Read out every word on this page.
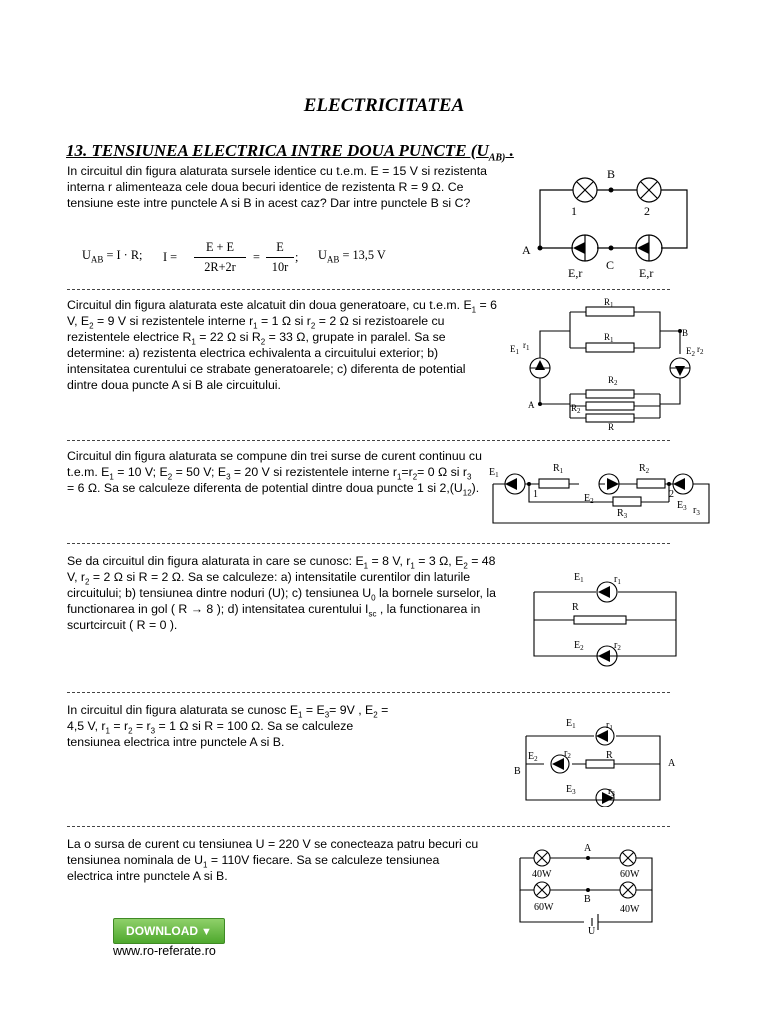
ELECTRICITATEA
13. TENSIUNEA ELECTRICA INTRE DOUA PUNCTE ($U_{AB)}$ .
In circuitul din figura alaturata sursele identice cu t.e.m. E = 15 V si rezistenta interna r alimenteaza cele doua becuri identice de rezistenta R = 9 Ω. Ce tensiune este intre punctele A si B in acest caz? Dar intre punctele B si C?
$U_{AB} = I \cdot R$; I =
E + E
2R+2r
=
E
10r
; $U_{AB} = 13,5$ V
B
A
C
1	2
E,r	E,r
Circuitul din figura alaturata este alcatuit din doua generatoare, cu t.e.m. $E_1 = 6$ V, $E_2 = 9$ V si rezistentele interne $r_1 = 1$ Ω si $r_2 = 2$ Ω si rezistoarele cu rezistentele electrice $R_1 = 22$ Ω si $R_2 = 33$ Ω, grupate in paralel. Sa se determine: a) rezistenta electrica echivalenta a circuitului exterior; b) intensitatea curentului ce strabate generatoarele; c) diferenta de potential dintre doua puncte A si B ale circuitului.
$E_1$
$r_1$	$E_2$ $r_2$
$R_1$
$R_1$
$R_2$
$R_2$
R
A
B
Circuitul din figura alaturata se compune din trei surse de curent continuu cu t.e.m. $E_1 = 10$ V; $E_2 = 50$ V; $E_3 = 20$ V si rezistentele interne $r_1=r_2= 0$ Ω si $r_3 = 6$ Ω. Sa se calculeze diferenta de potential dintre doua puncte 1 si $2,(U_{12})$.
$E_1$
$R_1$	$R_2$
1	2
$E_2$
$R_3$
$E_3$ $r_3$
Se da circuitul din figura alaturata in care se cunosc: $E_1 = 8$ V, $r_1 = 3$ Ω, $E_2 = 48$ V, $r_2 = 2$ Ω si R = 2 Ω. Sa se calculeze: a) intensitatile curentilor din laturile circuitului; b) tensiunea dintre noduri (U); c) tensiunea $U_0$ la bornele surselor, la functionarea in gol ( R → 8 ); d) intensitatea curentului $I_{sc}$ , la functionarea in scurtcircuit ( R = 0 ).
$E_1$	$r_1$
R
$E_2$	$r_2$
In circuitul din figura alaturata se cunosc $E_1 = E_3= 9V$ , $E_2 = 4,5$ V, $r_1 = r_2 = r_3 = 1$ Ω si R = 100 Ω. Sa se calculeze tensiunea electrica intre punctele A si B.
$E_1$	$r_1$
$E_2$	$r_2$	R
A
B
$E_3$	$r_3$
La o sursa de curent cu tensiunea U = 220 V se conecteaza patru becuri cu tensiunea nominala de $U_1 = 110V$ fiecare. Sa se calculeze tensiunea electrica intre punctele A si B.
A
B
U
40W	60W
60W	40W
DOWNLOAD ▼
www.ro-referate.ro
